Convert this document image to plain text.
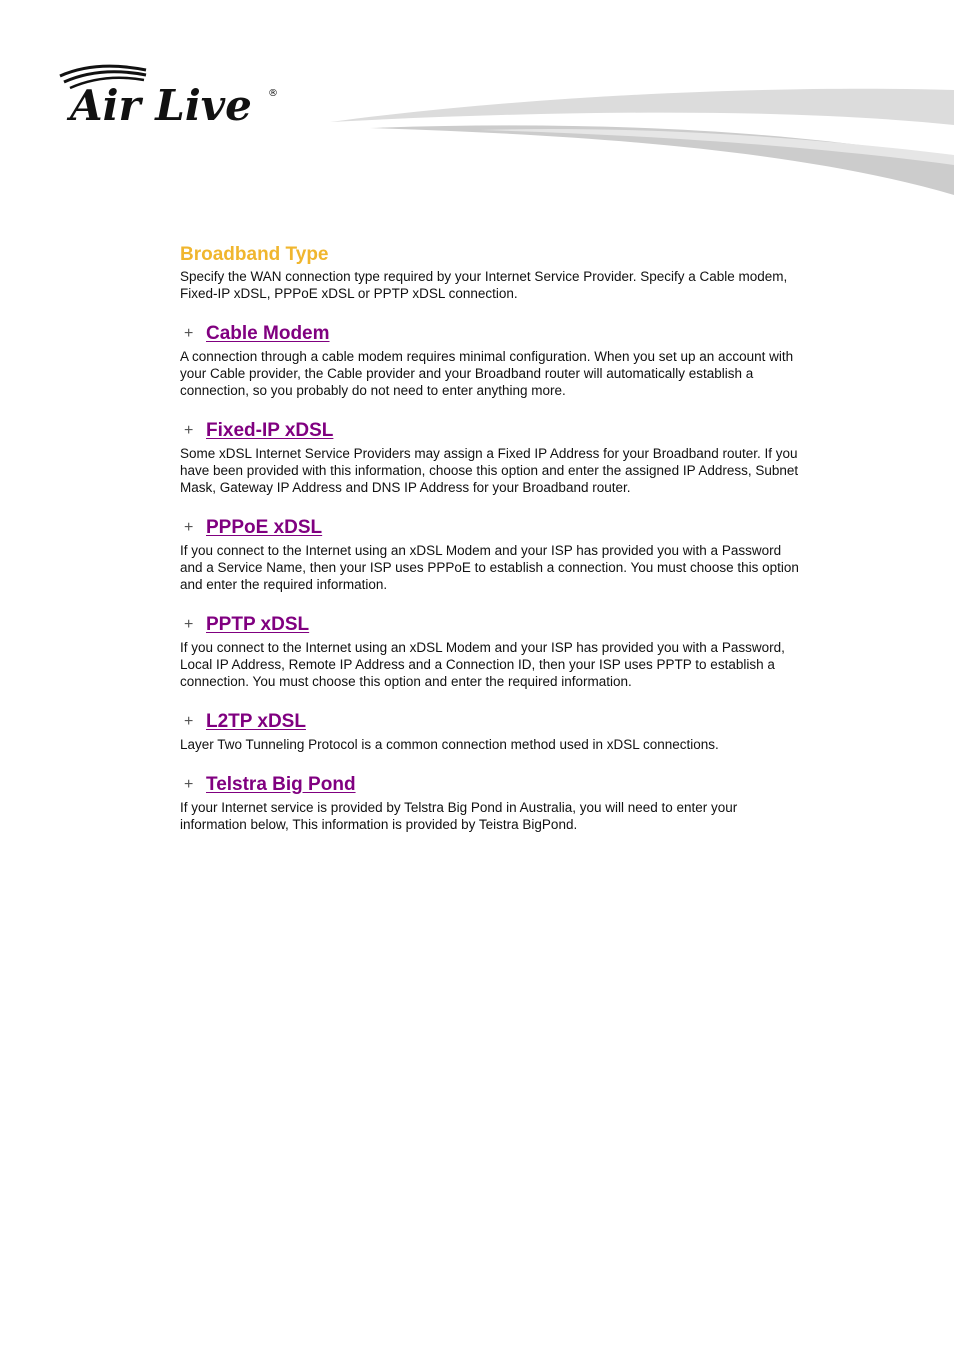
Air Live ®
Broadband Type

Specify the WAN connection type required by your Internet Service Provider. Specify a Cable modem, Fixed-IP xDSL, PPPoE xDSL or PPTP xDSL connection.

+ Cable Modem

A connection through a cable modem requires minimal configuration. When you set up an account with your Cable provider, the Cable provider and your Broadband router will automatically establish a connection, so you probably do not need to enter anything more.

+ Fixed-IP xDSL

Some xDSL Internet Service Providers may assign a Fixed IP Address for your Broadband router. If you have been provided with this information, choose this option and enter the assigned IP Address, Subnet Mask, Gateway IP Address and DNS IP Address for your Broadband router.

+ PPPoE xDSL

If you connect to the Internet using an xDSL Modem and your ISP has provided you with a Password and a Service Name, then your ISP uses PPPoE to establish a connection. You must choose this option and enter the required information.

+ PPTP xDSL

If you connect to the Internet using an xDSL Modem and your ISP has provided you with a Password, Local IP Address, Remote IP Address and a Connection ID, then your ISP uses PPTP to establish a connection. You must choose this option and enter the required information.

+ L2TP xDSL

Layer Two Tunneling Protocol is a common connection method used in xDSL connections.

+ Telstra Big Pond

If your Internet service is provided by Telstra Big Pond in Australia, you will need to enter your information below, This information is provided by Teistra BigPond.
